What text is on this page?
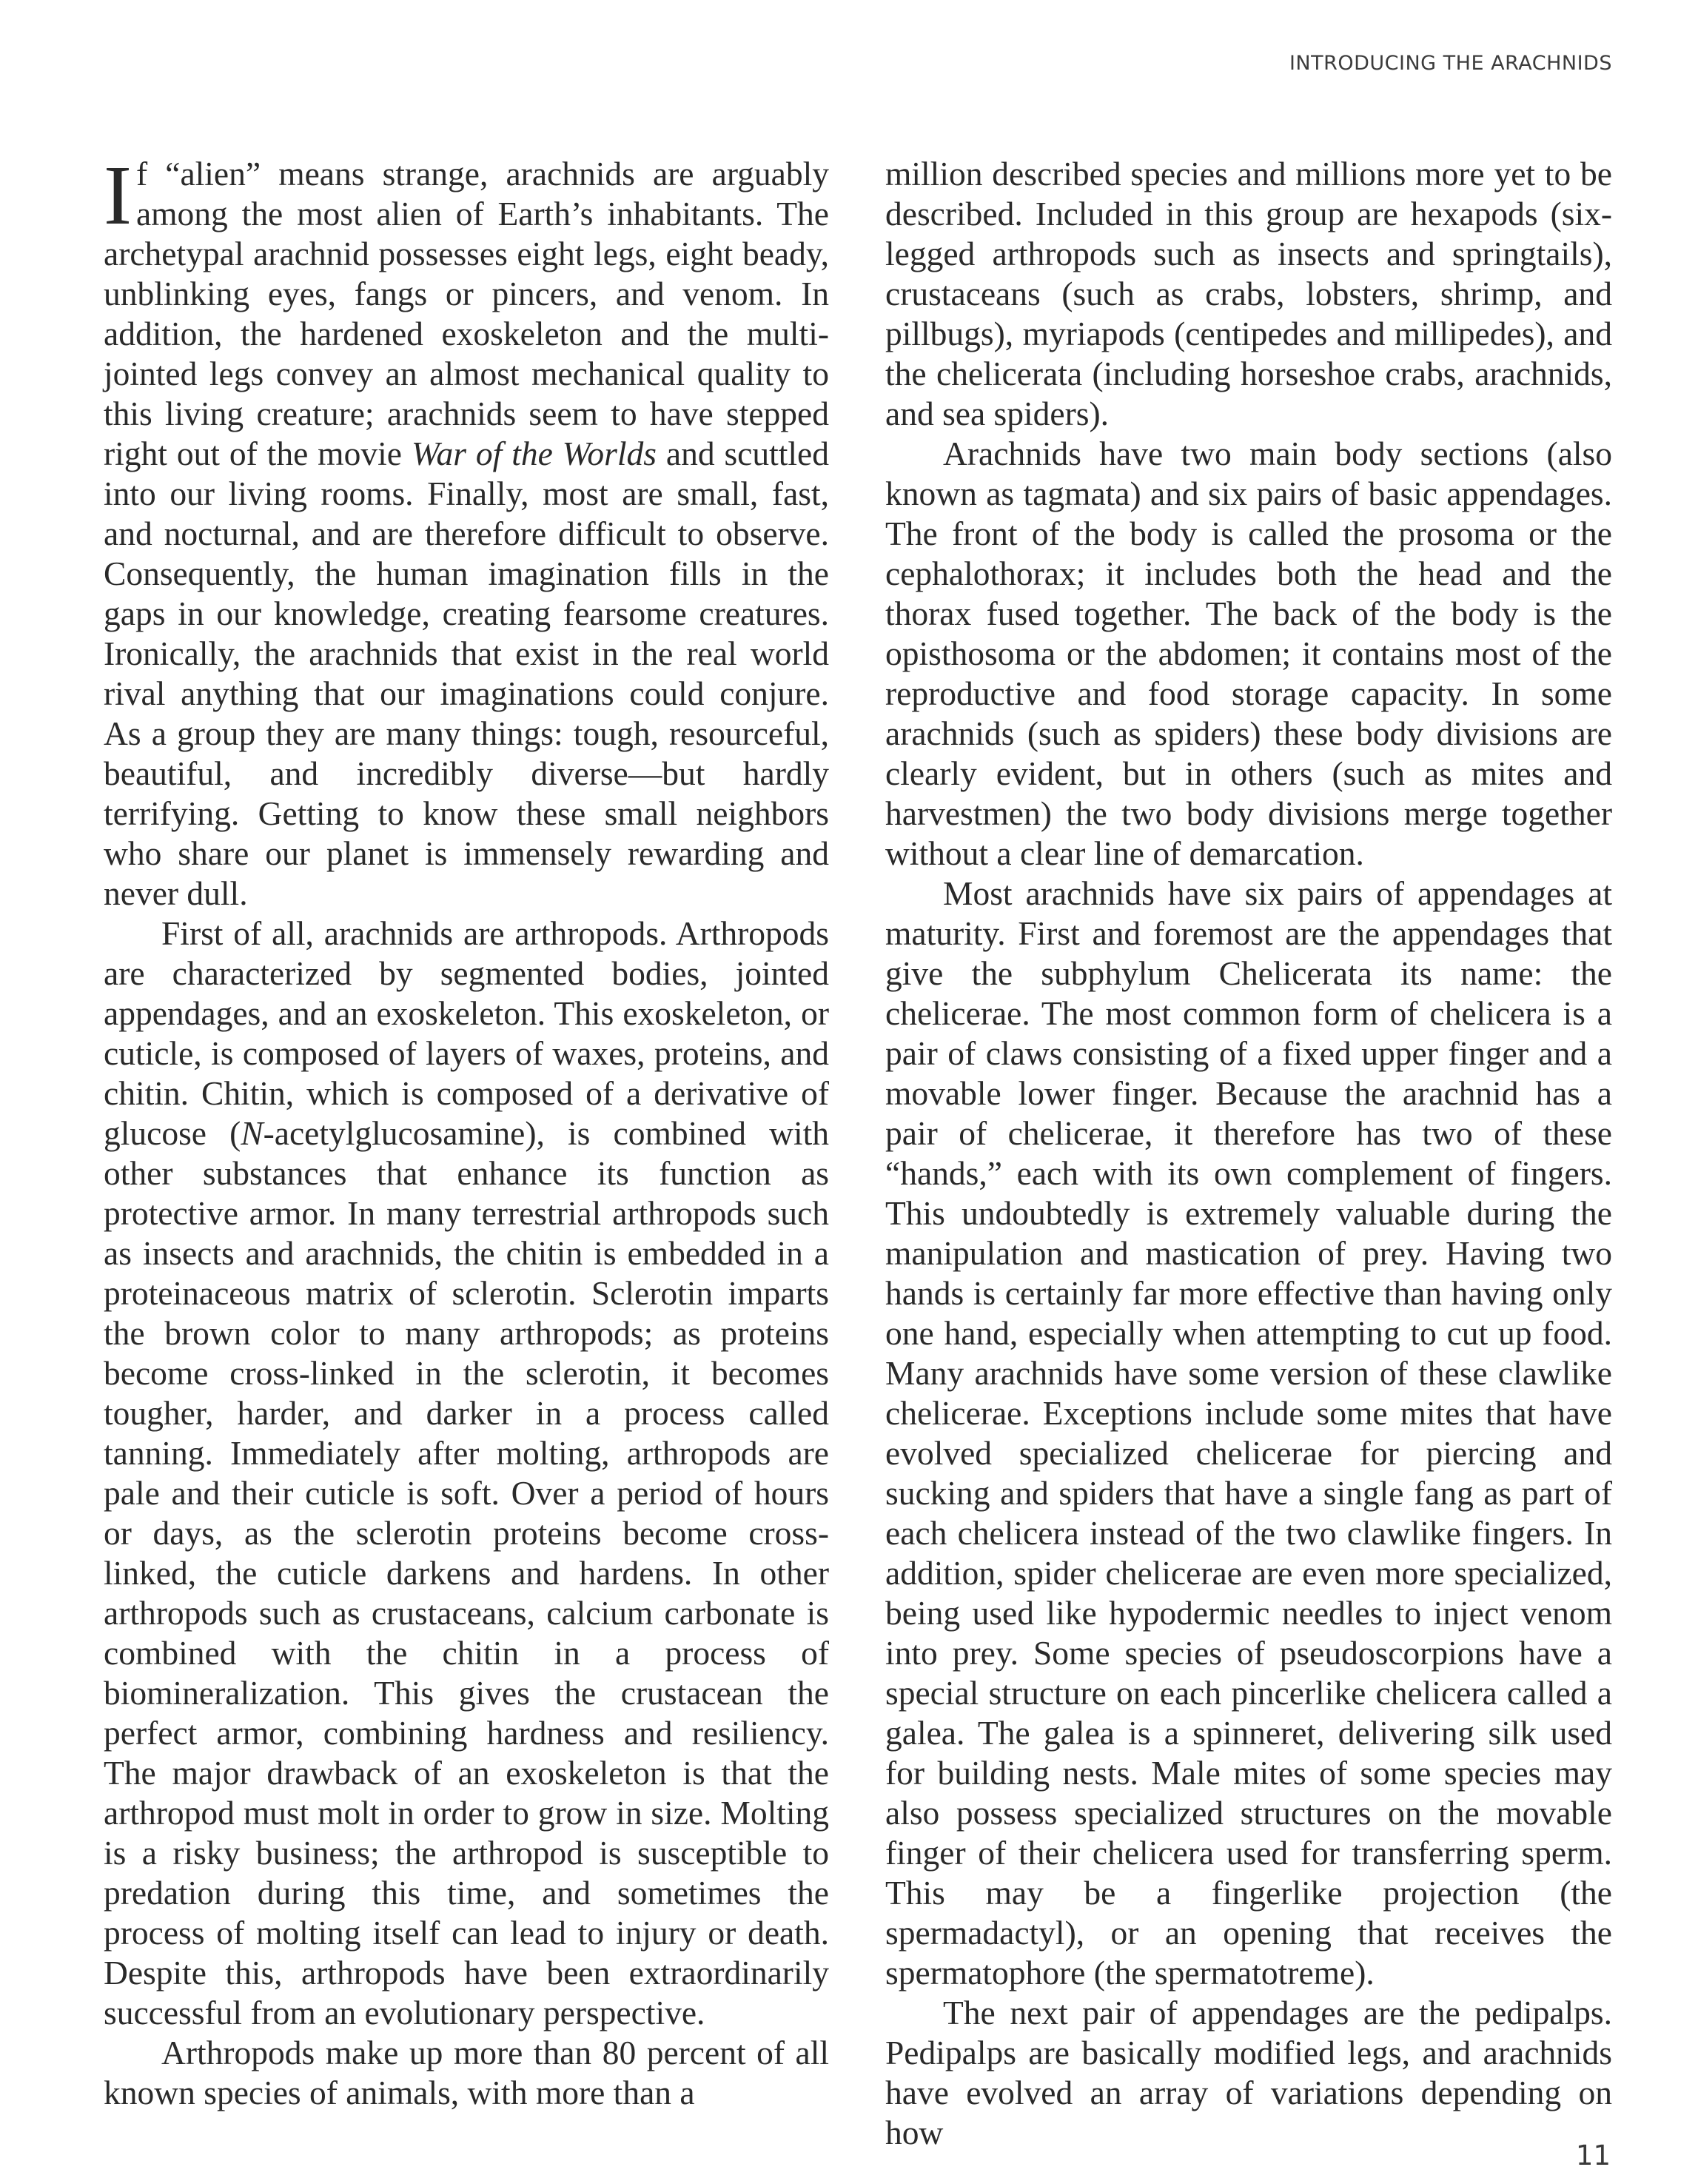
INTRODUCING THE ARACHNIDS

If “alien” means strange, arachnids are arguably among the most alien of Earth’s inhabitants. The archetypal arachnid possesses eight legs, eight beady, unblinking eyes, fangs or pincers, and venom. In addition, the hardened exoskeleton and the multi-jointed legs convey an almost mechanical quality to this living creature; arachnids seem to have stepped right out of the movie War of the Worlds and scuttled into our living rooms. Finally, most are small, fast, and nocturnal, and are therefore difficult to observe. Consequently, the human imagination fills in the gaps in our knowledge, creating fearsome creatures. Ironically, the arachnids that exist in the real world rival anything that our imaginations could conjure. As a group they are many things: tough, resourceful, beautiful, and incredibly diverse—but hardly terrifying. Getting to know these small neighbors who share our planet is immensely rewarding and never dull.

First of all, arachnids are arthropods. Arthropods are characterized by segmented bodies, jointed appendages, and an exoskeleton. This exoskeleton, or cuticle, is composed of layers of waxes, proteins, and chitin. Chitin, which is composed of a derivative of glucose (N-acetylglucosamine), is combined with other substances that enhance its function as protective armor. In many terrestrial arthropods such as insects and arachnids, the chitin is embedded in a proteinaceous matrix of sclerotin. Sclerotin imparts the brown color to many arthropods; as proteins become cross-linked in the sclerotin, it becomes tougher, harder, and darker in a process called tanning. Immediately after molting, arthropods are pale and their cuticle is soft. Over a period of hours or days, as the sclerotin proteins become cross-linked, the cuticle darkens and hardens. In other arthropods such as crustaceans, calcium carbonate is combined with the chitin in a process of biomineralization. This gives the crustacean the perfect armor, combining hardness and resiliency. The major drawback of an exoskeleton is that the arthropod must molt in order to grow in size. Molting is a risky business; the arthropod is susceptible to predation during this time, and sometimes the process of molting itself can lead to injury or death. Despite this, arthropods have been extraordinarily successful from an evolutionary perspective.

Arthropods make up more than 80 percent of all known species of animals, with more than a

million described species and millions more yet to be described. Included in this group are hexapods (six-legged arthropods such as insects and springtails), crustaceans (such as crabs, lobsters, shrimp, and pillbugs), myriapods (centipedes and millipedes), and the chelicerata (including horseshoe crabs, arachnids, and sea spiders).

Arachnids have two main body sections (also known as tagmata) and six pairs of basic appendages. The front of the body is called the prosoma or the cephalothorax; it includes both the head and the thorax fused together. The back of the body is the opisthosoma or the abdomen; it contains most of the reproductive and food storage capacity. In some arachnids (such as spiders) these body divisions are clearly evident, but in others (such as mites and harvestmen) the two body divisions merge together without a clear line of demarcation.

Most arachnids have six pairs of appendages at maturity. First and foremost are the appendages that give the subphylum Chelicerata its name: the chelicerae. The most common form of chelicera is a pair of claws consisting of a fixed upper finger and a movable lower finger. Because the arachnid has a pair of chelicerae, it therefore has two of these “hands,” each with its own complement of fingers. This undoubtedly is extremely valuable during the manipulation and mastication of prey. Having two hands is certainly far more effective than having only one hand, especially when attempting to cut up food. Many arachnids have some version of these clawlike chelicerae. Exceptions include some mites that have evolved specialized chelicerae for piercing and sucking and spiders that have a single fang as part of each chelicera instead of the two clawlike fingers. In addition, spider chelicerae are even more specialized, being used like hypodermic needles to inject venom into prey. Some species of pseudoscorpions have a special structure on each pincerlike chelicera called a galea. The galea is a spinneret, delivering silk used for building nests. Male mites of some species may also possess specialized structures on the movable finger of their chelicera used for transferring sperm. This may be a fingerlike projection (the spermadactyl), or an opening that receives the spermatophore (the spermatotreme).

The next pair of appendages are the pedipalps. Pedipalps are basically modified legs, and arachnids have evolved an array of variations depending on how

11
